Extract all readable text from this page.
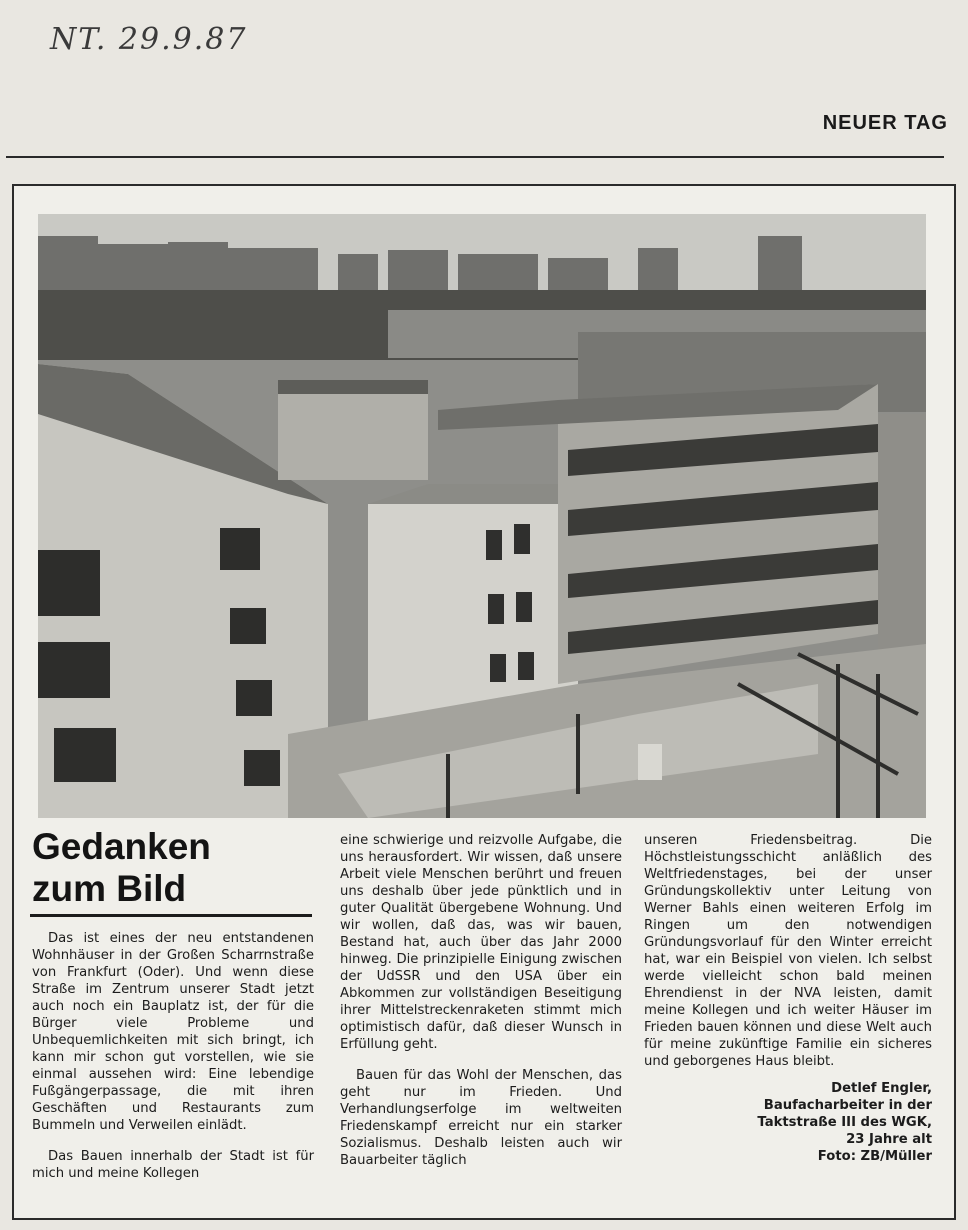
NT. 29.9.87
NEUER TAG
Gedanken
zum Bild

Das ist eines der neu entstandenen Wohnhäuser in der Großen Scharrnstraße von Frankfurt (Oder). Und wenn diese Straße im Zentrum unserer Stadt jetzt auch noch ein Bauplatz ist, der für die Bürger viele Probleme und Unbequemlichkeiten mit sich bringt, ich kann mir schon gut vorstellen, wie sie einmal aussehen wird: Eine lebendige Fußgängerpassage, die mit ihren Geschäften und Restaurants zum Bummeln und Verweilen einlädt.

Das Bauen innerhalb der Stadt ist für mich und meine Kollegen

eine schwierige und reizvolle Aufgabe, die uns herausfordert. Wir wissen, daß unsere Arbeit viele Menschen berührt und freuen uns deshalb über jede pünktlich und in guter Qualität übergebene Wohnung. Und wir wollen, daß das, was wir bauen, Bestand hat, auch über das Jahr 2000 hinweg. Die prinzipielle Einigung zwischen der UdSSR und den USA über ein Abkommen zur vollständigen Beseitigung ihrer Mittelstreckenraketen stimmt mich optimistisch dafür, daß dieser Wunsch in Erfüllung geht.

Bauen für das Wohl der Menschen, das geht nur im Frieden. Und Verhandlungserfolge im weltweiten Friedenskampf erreicht nur ein starker Sozialismus. Deshalb leisten auch wir Bauarbeiter täglich

unseren Friedensbeitrag. Die Höchstleistungsschicht anläßlich des Weltfriedenstages, bei der unser Gründungskollektiv unter Leitung von Werner Bahls einen weiteren Erfolg im Ringen um den notwendigen Gründungsvorlauf für den Winter erreicht hat, war ein Beispiel von vielen. Ich selbst werde vielleicht schon bald meinen Ehrendienst in der NVA leisten, damit meine Kollegen und ich weiter Häuser im Frieden bauen können und diese Welt auch für meine zukünftige Familie ein sicheres und geborgenes Haus bleibt.

Detlef Engler,
Baufacharbeiter in der
Taktstraße III des WGK,
23 Jahre alt
Foto: ZB/Müller
